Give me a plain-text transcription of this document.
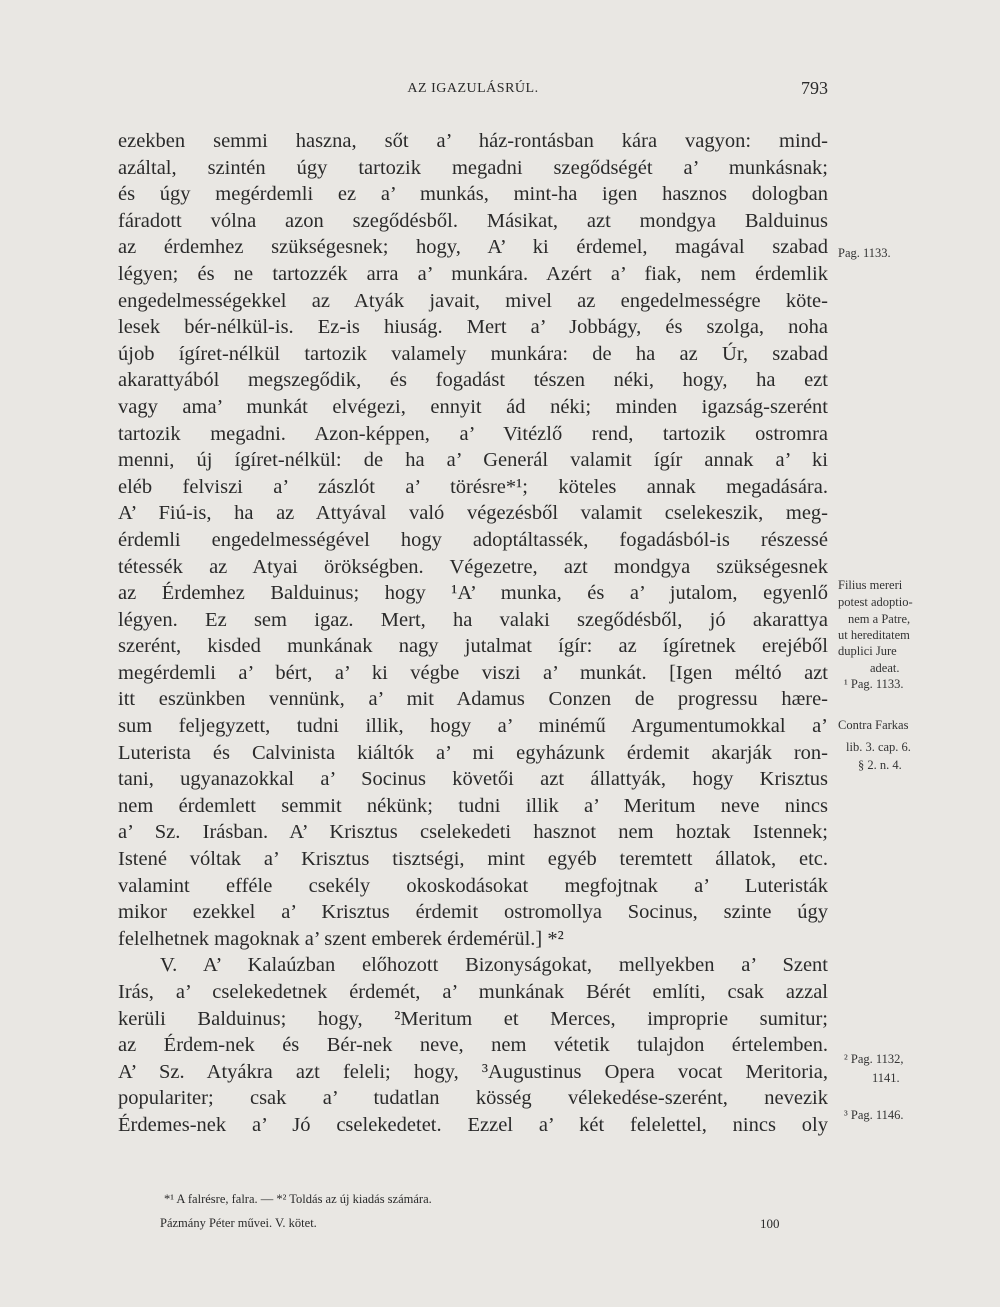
AZ IGAZULÁSRÚL.	793
ezekben semmi haszna, sőt a’ ház-rontásban kára vagyon: mind-
azáltal, szintén úgy tartozik megadni szegődségét a’ munkásnak;
és úgy megérdemli ez a’ munkás, mint-ha igen hasznos dologban
fáradott vólna azon szegődésből. Másikat, azt mondgya Balduinus
az érdemhez szükségesnek; hogy, A’ ki érdemel, magával szabad
légyen; és ne tartozzék arra a’ munkára. Azért a’ fiak, nem érdemlik
engedelmességekkel az Atyák javait, mivel az engedelmességre köte-
lesek bér-nélkül-is. Ez-is hiuság. Mert a’ Jobbágy, és szolga, noha
újob ígíret-nélkül tartozik valamely munkára: de ha az Úr, szabad
akarattyából megszegődik, és fogadást tészen néki, hogy, ha ezt
vagy ama’ munkát elvégezi, ennyit ád néki; minden igazság-szerént
tartozik megadni. Azon-képpen, a’ Vitézlő rend, tartozik ostromra
menni, új ígíret-nélkül: de ha a’ Generál valamit ígír annak a’ ki
eléb felviszi a’ zászlót a’ törésre*¹; köteles annak megadására.
A’ Fiú-is, ha az Attyával való végezésből valamit cselekeszik, meg-
érdemli engedelmességével hogy adoptáltassék, fogadásból-is részessé
tétessék az Atyai örökségben. Végezetre, azt mondgya szükségesnek
az Érdemhez Balduinus; hogy ¹A’ munka, és a’ jutalom, egyenlő
légyen. Ez sem igaz. Mert, ha valaki szegődésből, jó akarattya
szerént, kisded munkának nagy jutalmat ígír: az ígíretnek erejéből
megérdemli a’ bért, a’ ki végbe viszi a’ munkát. [Igen méltó azt
itt eszünkben vennünk, a’ mit Adamus Conzen de progressu hære-
sum feljegyzett, tudni illik, hogy a’ minémű Argumentumokkal a’
Luterista és Calvinista kiáltók a’ mi egyházunk érdemit akarják ron-
tani, ugyanazokkal a’ Socinus követői azt állattyák, hogy Krisztus
nem érdemlett semmit nékünk; tudni illik a’ Meritum neve nincs
a’ Sz. Irásban. A’ Krisztus cselekedeti hasznot nem hoztak Istennek;
Istené vóltak a’ Krisztus tisztségi, mint egyéb teremtett állatok, etc.
valamint efféle csekély okoskodásokat megfojtnak a’ Luteristák
mikor ezekkel a’ Krisztus érdemit ostromollya Socinus, szinte úgy
felelhetnek magoknak a’ szent emberek érdemérül.] *²
V. A’ Kalaúzban előhozott Bizonyságokat, mellyekben a’ Szent
Irás, a’ cselekedetnek érdemét, a’ munkának Bérét említi, csak azzal
kerüli Balduinus; hogy, ²Meritum et Merces, improprie sumitur;
az Érdem-nek és Bér-nek neve, nem vétetik tulajdon értelemben.
A’ Sz. Atyákra azt feleli; hogy, ³Augustinus Opera vocat Meritoria,
populariter; csak a’ tudatlan kösség vélekedése-szerént, nevezik
Érdemes-nek a’ Jó cselekedetet. Ezzel a’ két felelettel, nincs oly
Pag. 1133.
Filius mereri
potest adoptio-
nem a Patre,
ut hereditatem
duplici Jure
adeat.
¹ Pag. 1133.
Contra Farkas
lib. 3. cap. 6.
§ 2. n. 4.
² Pag. 1132,
1141.
³ Pag. 1146.
*¹ A falrésre, falra. — *² Toldás az új kiadás számára.
Pázmány Péter művei. V. kötet.	100
